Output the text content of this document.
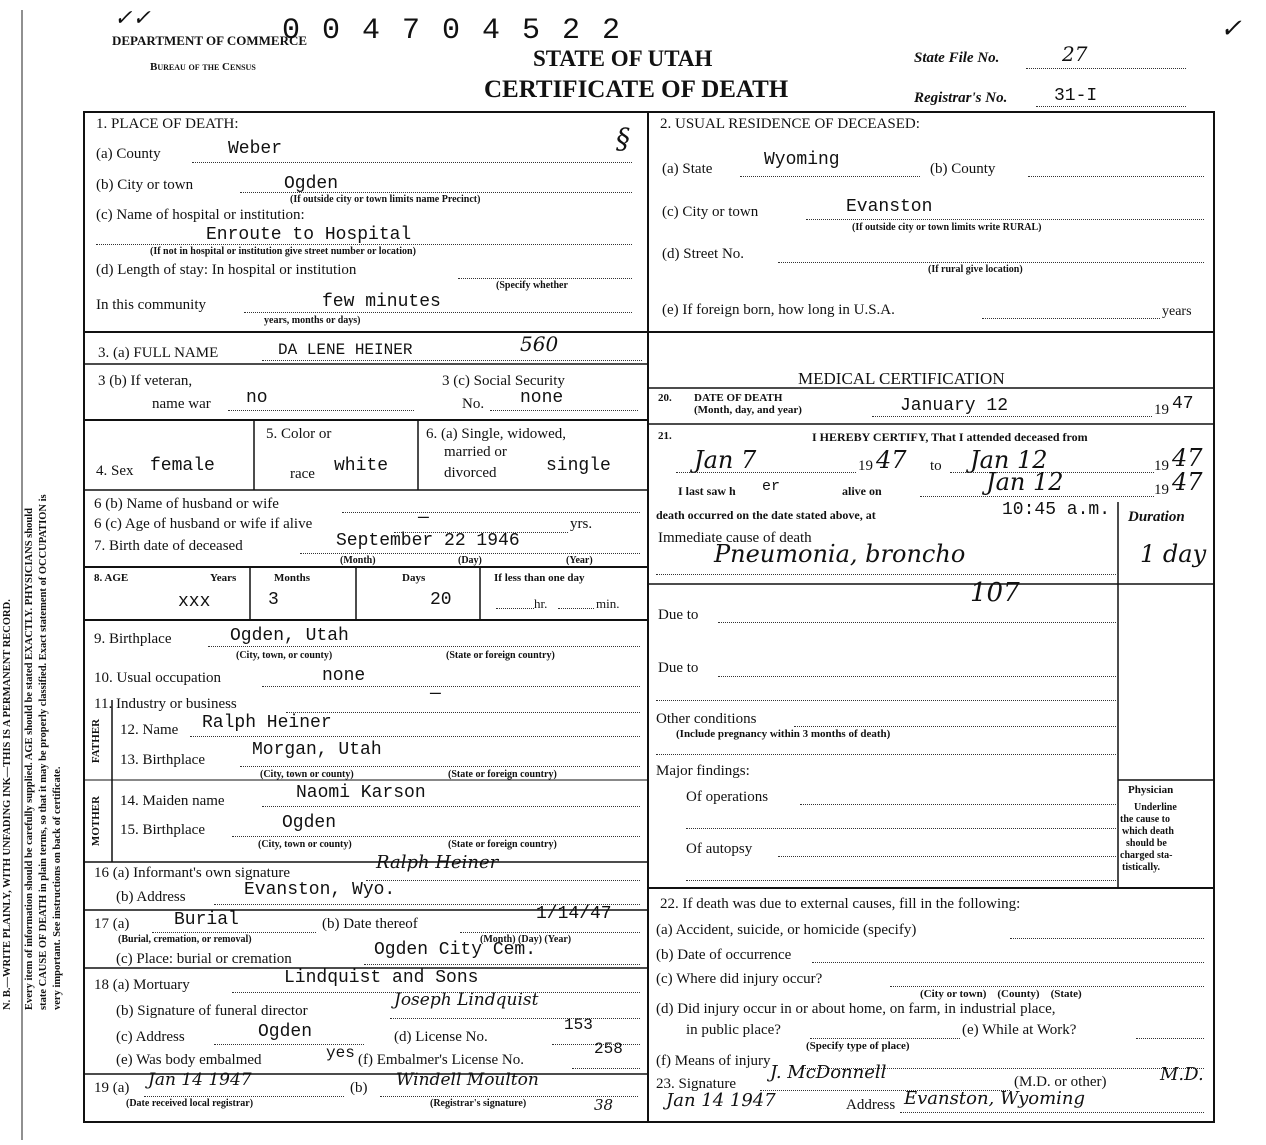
N. B.—WRITE PLAINLY, WITH UNFADING INK—THIS IS A PERMANENT RECORD. Every item of information should be carefully supplied. AGE should be stated EXACTLY. PHYSICIANS should state CAUSE OF DEATH in plain terms, so that it may be properly classified. Exact statement of OCCUPATION is very important. See instructions on back of certificate.
0 0 4 7 0 4 5 2 2
DEPARTMENT OF COMMERCE
Bureau of the Census	STATE OF UTAH
CERTIFICATE OF DEATH
State File No.	27
Registrar's No.	31-I
1. PLACE OF DEATH:
(a) County	Weber
(b) City or town	Ogden
(If outside city or town limits name Precinct)
(c) Name of hospital or institution:
Enroute to Hospital
(If not in hospital or institution give street number or location)
(d) Length of stay: In hospital or institution
(Specify whether
In this community	few minutes
years, months or days)
§ 2. USUAL RESIDENCE OF DECEASED:
(a) State	Wyoming	(b) County
(c) City or town	Evanston
(If outside city or town limits write RURAL)
(d) Street No.
(If rural give location)
(e) If foreign born, how long in U.S.A.	years
3. (a) FULL NAME	DA LENE HEINER	560
3 (b) If veteran,
name war no
3 (c) Social Security
No. none
4. Sex female
5. Color or
race white
6. (a) Single, widowed,
married or
divorced	single
6 (b) Name of husband or wife
6 (c) Age of husband or wife if alive	—	yrs.
7. Birth date of deceased	September 22 1946
(Month)	(Day)	(Year)
8. AGE	Years	Months	Days	If less than one day
xxx	3	20	hr.	min.
9. Birthplace	Ogden, Utah
(City, town, or county)	(State or foreign country)
10. Usual occupation	none
11. Industry or business	—
FATHER
MOTHER
12. Name Ralph Heiner
13. Birthplace	Morgan, Utah
(City, town or county)	(State or foreign country)
14. Maiden name	Naomi Karson
15. Birthplace	Ogden
(City, town or county)	(State or foreign country)
16 (a) Informant's own signature	Ralph Heiner
(b) Address	Evanston, Wyo.
17 (a) Burial	(b) Date thereof	1/14/47
(Burial, cremation, or removal)	(Month) (Day) (Year)
(c) Place: burial or cremation	Ogden City Cem.
18 (a) Mortuary	Lindquist and Sons
(b) Signature of funeral director
Joseph Lindquist
(c) Address	Ogden	(d) License No.
153
(e) Was body embalmed	yes (f) Embalmer's License No.
258
19 (a) Jan 14 1947	(b) Windell Moulton
(Date received local registrar)	(Registrar's signature)	38
MEDICAL CERTIFICATION
20. DATE OF DEATH
(Month, day, and year)	January 12	19 47
21.	I HEREBY CERTIFY, That I attended deceased from
Jan 7	19 47 to Jan 12	19 47
I last saw h er	alive on	Jan 12	19 47
death occurred on the date stated above, at	10:45 a.m. Duration
Immediate cause of death
Pneumonia, broncho	1 day
107
Due to
Due to
Other conditions
(Include pregnancy within 3 months of death)
Major findings:
Of operations
Of autopsy
Physician
Underline
the cause to
which death
should be
charged sta-
tistically.
22. If death was due to external causes, fill in the following:
(a) Accident, suicide, or homicide (specify)
(b) Date of occurrence
(c) Where did injury occur?
(City or town)    (County)    (State)
(d) Did injury occur in or about home, on farm, in industrial place,
in public place?	(e) While at Work?
(Specify type of place)
(f) Means of injury
23. Signature
J. McDonnell	(M.D. or other)	M.D.
Jan 14 1947	Address Evanston, Wyoming
✓✓	✓
